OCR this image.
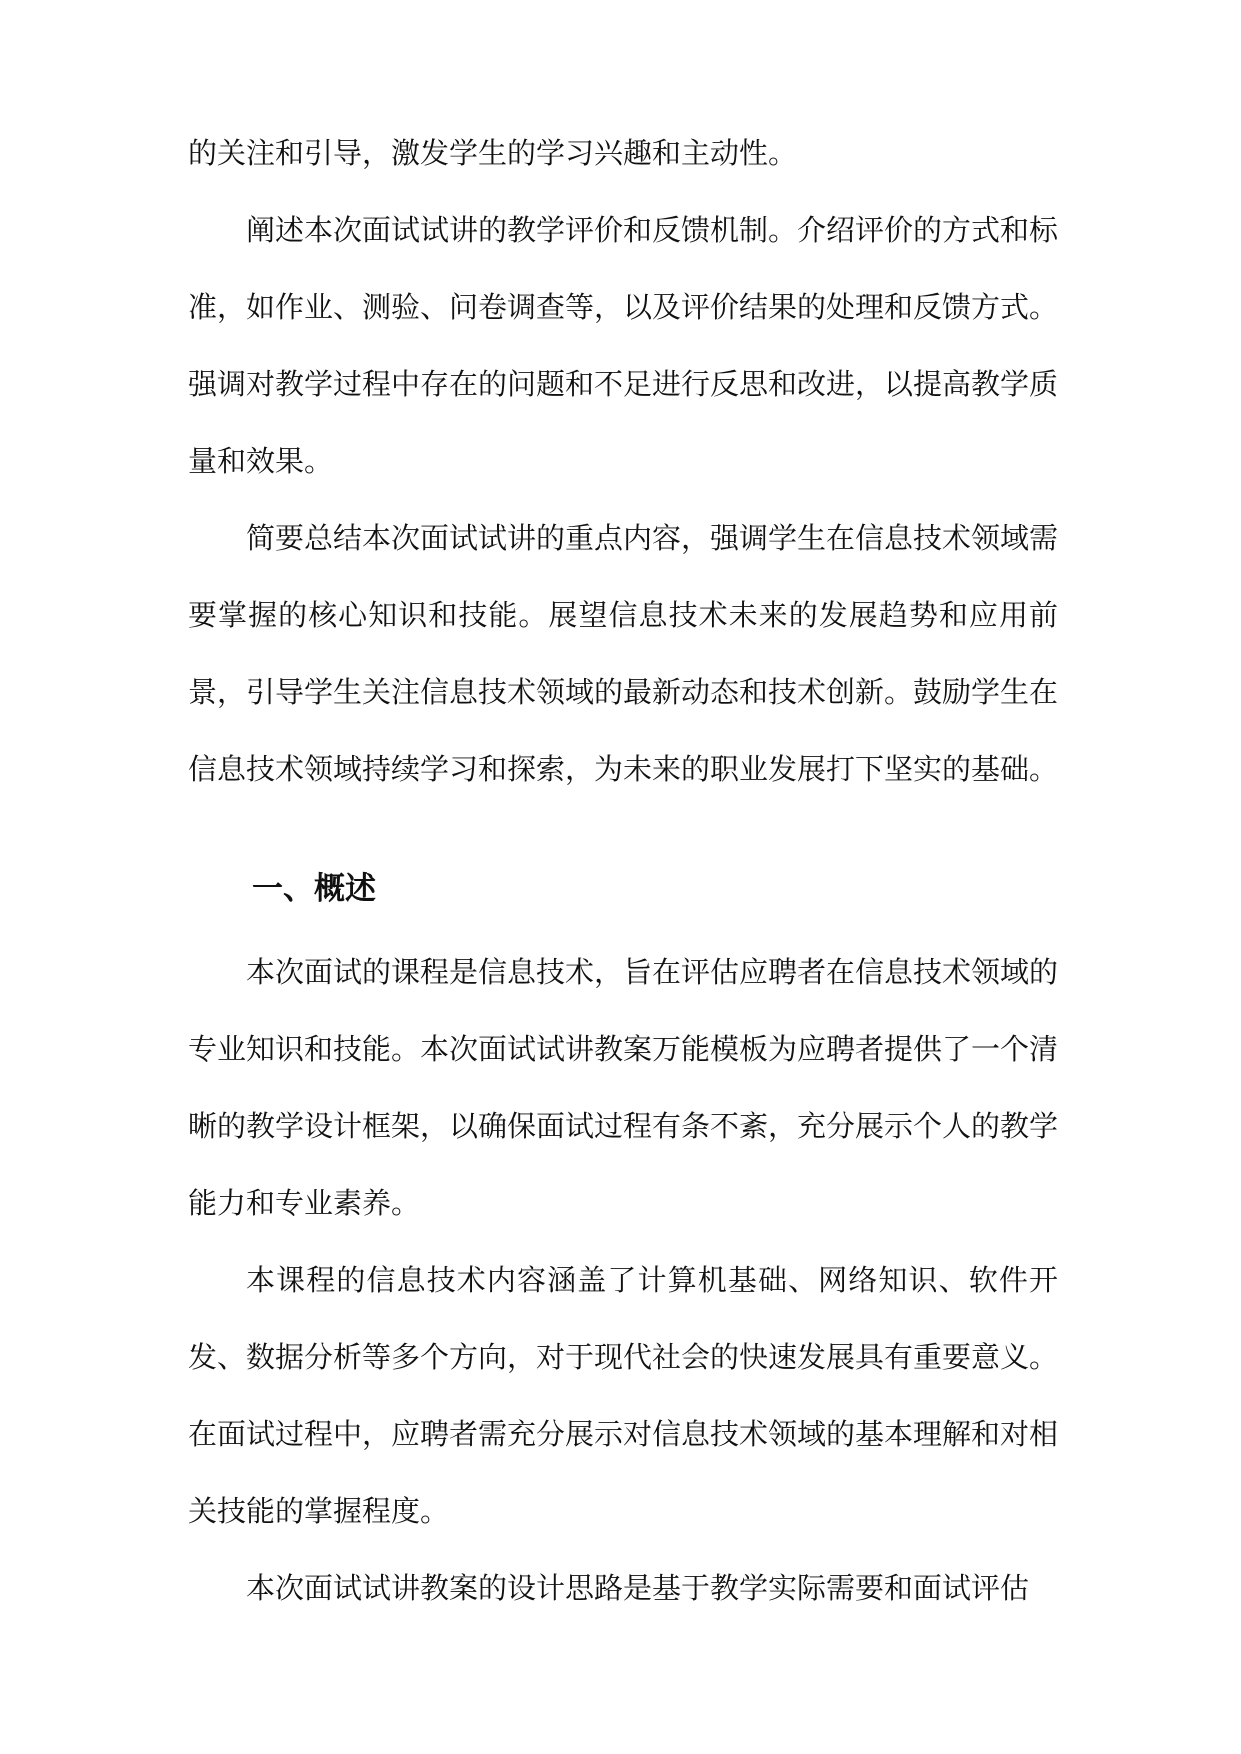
的关注和引导，激发学生的学习兴趣和主动性。

阐述本次面试试讲的教学评价和反馈机制。介绍评价的方式和标准，如作业、测验、问卷调查等，以及评价结果的处理和反馈方式。强调对教学过程中存在的问题和不足进行反思和改进，以提高教学质量和效果。

简要总结本次面试试讲的重点内容，强调学生在信息技术领域需要掌握的核心知识和技能。展望信息技术未来的发展趋势和应用前景，引导学生关注信息技术领域的最新动态和技术创新。鼓励学生在信息技术领域持续学习和探索，为未来的职业发展打下坚实的基础。

一、概述

本次面试的课程是信息技术，旨在评估应聘者在信息技术领域的专业知识和技能。本次面试试讲教案万能模板为应聘者提供了一个清晰的教学设计框架，以确保面试过程有条不紊，充分展示个人的教学能力和专业素养。

本课程的信息技术内容涵盖了计算机基础、网络知识、软件开发、数据分析等多个方向，对于现代社会的快速发展具有重要意义。在面试过程中，应聘者需充分展示对信息技术领域的基本理解和对相关技能的掌握程度。

本次面试试讲教案的设计思路是基于教学实际需要和面试评估
